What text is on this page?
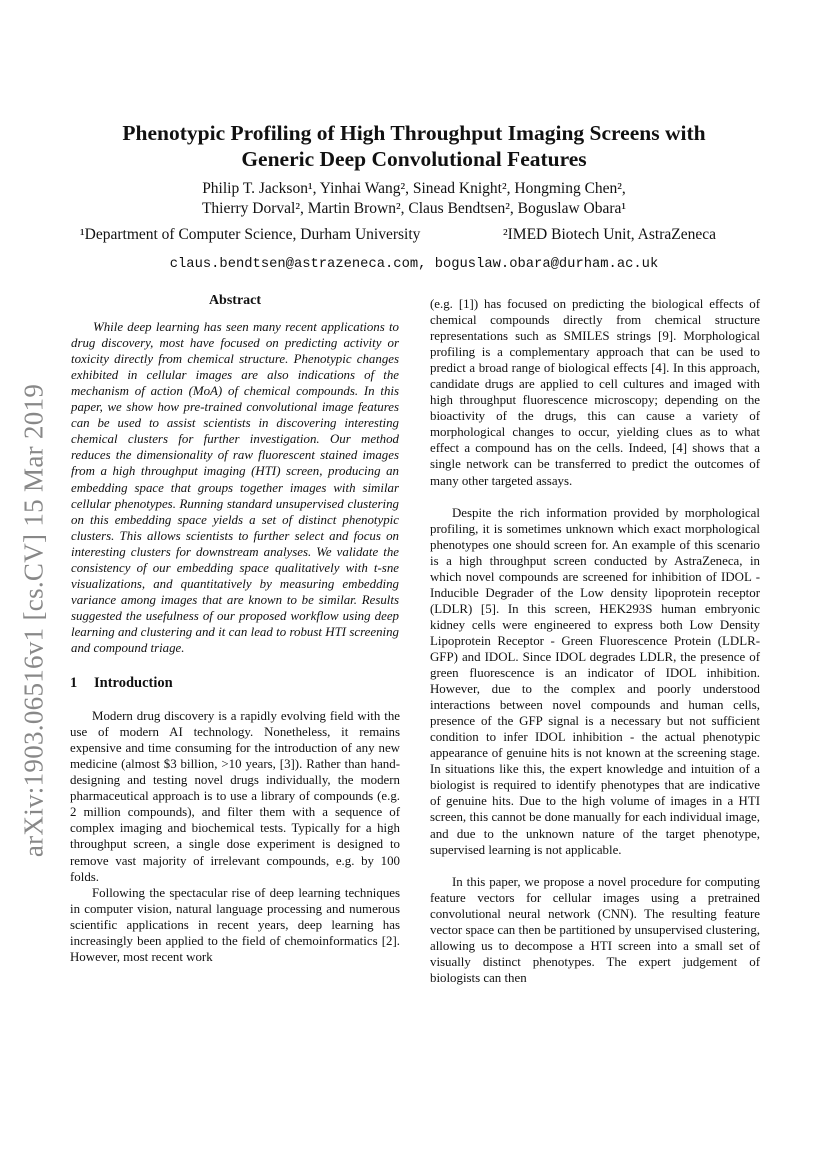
arXiv:1903.06516v1 [cs.CV] 15 Mar 2019
Phenotypic Profiling of High Throughput Imaging Screens with
Generic Deep Convolutional Features
Philip T. Jackson¹, Yinhai Wang², Sinead Knight², Hongming Chen²,
Thierry Dorval², Martin Brown², Claus Bendtsen², Boguslaw Obara¹
¹Department of Computer Science, Durham University	²IMED Biotech Unit, AstraZeneca
claus.bendtsen@astrazeneca.com, boguslaw.obara@durham.ac.uk
Abstract

While deep learning has seen many recent applications to drug discovery, most have focused on predicting activity or toxicity directly from chemical structure. Phenotypic changes exhibited in cellular images are also indications of the mechanism of action (MoA) of chemical compounds. In this paper, we show how pre-trained convolutional image features can be used to assist scientists in discovering interesting chemical clusters for further investigation. Our method reduces the dimensionality of raw fluorescent stained images from a high throughput imaging (HTI) screen, producing an embedding space that groups together images with similar cellular phenotypes. Running standard unsupervised clustering on this embedding space yields a set of distinct phenotypic clusters. This allows scientists to further select and focus on interesting clusters for downstream analyses. We validate the consistency of our embedding space qualitatively with t-sne visualizations, and quantitatively by measuring embedding variance among images that are known to be similar. Results suggested the usefulness of our proposed workflow using deep learning and clustering and it can lead to robust HTI screening and compound triage.

1 Introduction

Modern drug discovery is a rapidly evolving field with the use of modern AI technology. Nonetheless, it remains expensive and time consuming for the introduction of any new medicine (almost $3 billion, >10 years, [3]). Rather than hand-designing and testing novel drugs individually, the modern pharmaceutical approach is to use a library of compounds (e.g. 2 million compounds), and filter them with a sequence of complex imaging and biochemical tests. Typically for a high throughput screen, a single dose experiment is designed to remove vast majority of irrelevant compounds, e.g. by 100 folds.

Following the spectacular rise of deep learning techniques in computer vision, natural language processing and numerous scientific applications in recent years, deep learning has increasingly been applied to the field of chemoinformatics [2]. However, most recent work

(e.g. [1]) has focused on predicting the biological effects of chemical compounds directly from chemical structure representations such as SMILES strings [9]. Morphological profiling is a complementary approach that can be used to predict a broad range of biological effects [4]. In this approach, candidate drugs are applied to cell cultures and imaged with high throughput fluorescence microscopy; depending on the bioactivity of the drugs, this can cause a variety of morphological changes to occur, yielding clues as to what effect a compound has on the cells. Indeed, [4] shows that a single network can be transferred to predict the outcomes of many other targeted assays.

Despite the rich information provided by morphological profiling, it is sometimes unknown which exact morphological phenotypes one should screen for. An example of this scenario is a high throughput screen conducted by AstraZeneca, in which novel compounds are screened for inhibition of IDOL - Inducible Degrader of the Low density lipoprotein receptor (LDLR) [5]. In this screen, HEK293S human embryonic kidney cells were engineered to express both Low Density Lipoprotein Receptor - Green Fluorescence Protein (LDLR-GFP) and IDOL. Since IDOL degrades LDLR, the presence of green fluorescence is an indicator of IDOL inhibition. However, due to the complex and poorly understood interactions between novel compounds and human cells, presence of the GFP signal is a necessary but not sufficient condition to infer IDOL inhibition - the actual phenotypic appearance of genuine hits is not known at the screening stage. In situations like this, the expert knowledge and intuition of a biologist is required to identify phenotypes that are indicative of genuine hits. Due to the high volume of images in a HTI screen, this cannot be done manually for each individual image, and due to the unknown nature of the target phenotype, supervised learning is not applicable.

In this paper, we propose a novel procedure for computing feature vectors for cellular images using a pretrained convolutional neural network (CNN). The resulting feature vector space can then be partitioned by unsupervised clustering, allowing us to decompose a HTI screen into a small set of visually distinct phenotypes. The expert judgement of biologists can then
